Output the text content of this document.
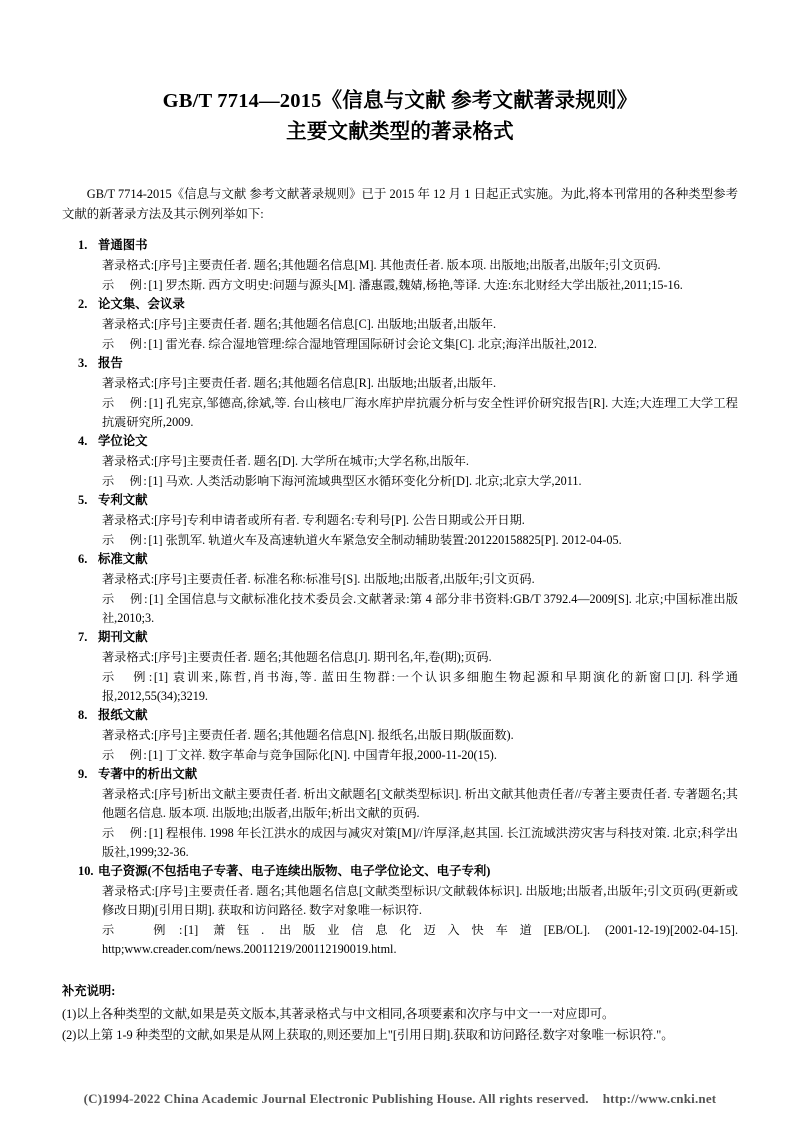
GB/T 7714—2015《信息与文献 参考文献著录规则》
主要文献类型的著录格式

GB/T 7714-2015《信息与文献 参考文献著录规则》已于 2015 年 12 月 1 日起正式实施。为此,将本刊常用的各种类型参考文献的新著录方法及其示例列举如下:

1. 普通图书
著录格式:[序号]主要责任者. 题名;其他题名信息[M]. 其他责任者. 版本项. 出版地;出版者,出版年;引文页码.
示　例:[1] 罗杰斯. 西方文明史:问题与源头[M]. 潘惠霞,魏婧,杨艳,等译. 大连:东北财经大学出版社,2011;15-16.
2. 论文集、会议录
著录格式:[序号]主要责任者. 题名;其他题名信息[C]. 出版地;出版者,出版年.
示　例:[1] 雷光春. 综合湿地管理:综合湿地管理国际研讨会论文集[C]. 北京;海洋出版社,2012.
3. 报告
著录格式:[序号]主要责任者. 题名;其他题名信息[R]. 出版地;出版者,出版年.
示　例:[1] 孔宪京,邹德高,徐斌,等. 台山核电厂海水库护岸抗震分析与安全性评价研究报告[R]. 大连;大连理工大学工程抗震研究所,2009.
4. 学位论文
著录格式:[序号]主要责任者. 题名[D]. 大学所在城市;大学名称,出版年.
示　例:[1] 马欢. 人类活动影响下海河流域典型区水循环变化分析[D]. 北京;北京大学,2011.
5. 专利文献
著录格式:[序号]专利申请者或所有者. 专利题名:专利号[P]. 公告日期或公开日期.
示　例:[1] 张凯军. 轨道火车及高速轨道火车紧急安全制动辅助装置:201220158825[P]. 2012-04-05.
6. 标准文献
著录格式:[序号]主要责任者. 标准名称:标准号[S]. 出版地;出版者,出版年;引文页码.
示　例:[1] 全国信息与文献标准化技术委员会.文献著录:第 4 部分非书资料:GB/T 3792.4—2009[S]. 北京;中国标准出版社,2010;3.
7. 期刊文献
著录格式:[序号]主要责任者. 题名;其他题名信息[J]. 期刊名,年,卷(期);页码.
示　例:[1] 袁训来,陈哲,肖书海,等. 蓝田生物群:一个认识多细胞生物起源和早期演化的新窗口[J]. 科学通报,2012,55(34);3219.
8. 报纸文献
著录格式:[序号]主要责任者. 题名;其他题名信息[N]. 报纸名,出版日期(版面数).
示　例:[1] 丁文祥. 数字革命与竞争国际化[N]. 中国青年报,2000-11-20(15).
9. 专著中的析出文献
著录格式:[序号]析出文献主要责任者. 析出文献题名[文献类型标识]. 析出文献其他责任者//专著主要责任者. 专著题名;其他题名信息. 版本项. 出版地;出版者,出版年;析出文献的页码.
示　例:[1] 程根伟. 1998 年长江洪水的成因与减灾对策[M]//许厚泽,赵其国. 长江流域洪涝灾害与科技对策. 北京;科学出版社,1999;32-36.
10. 电子资源(不包括电子专著、电子连续出版物、电子学位论文、电子专利)
著录格式:[序号]主要责任者. 题名;其他题名信息[文献类型标识/文献载体标识]. 出版地;出版者,出版年;引文页码(更新或修改日期)[引用日期]. 获取和访问路径. 数字对象唯一标识符.
示　例:[1] 萧钰. 出版业信息化迈入快车道[EB/OL]. (2001-12-19)[2002-04-15]. http;www.creader.com/news.20011219/200112190019.html.
补充说明:

(1)以上各种类型的文献,如果是英文版本,其著录格式与中文相同,各项要素和次序与中文一一对应即可。

(2)以上第 1-9 种类型的文献,如果是从网上获取的,则还要加上"[引用日期].获取和访问路径.数字对象唯一标识符."。

(C)1994-2022 China Academic Journal Electronic Publishing House. All rights reserved. http://www.cnki.net
